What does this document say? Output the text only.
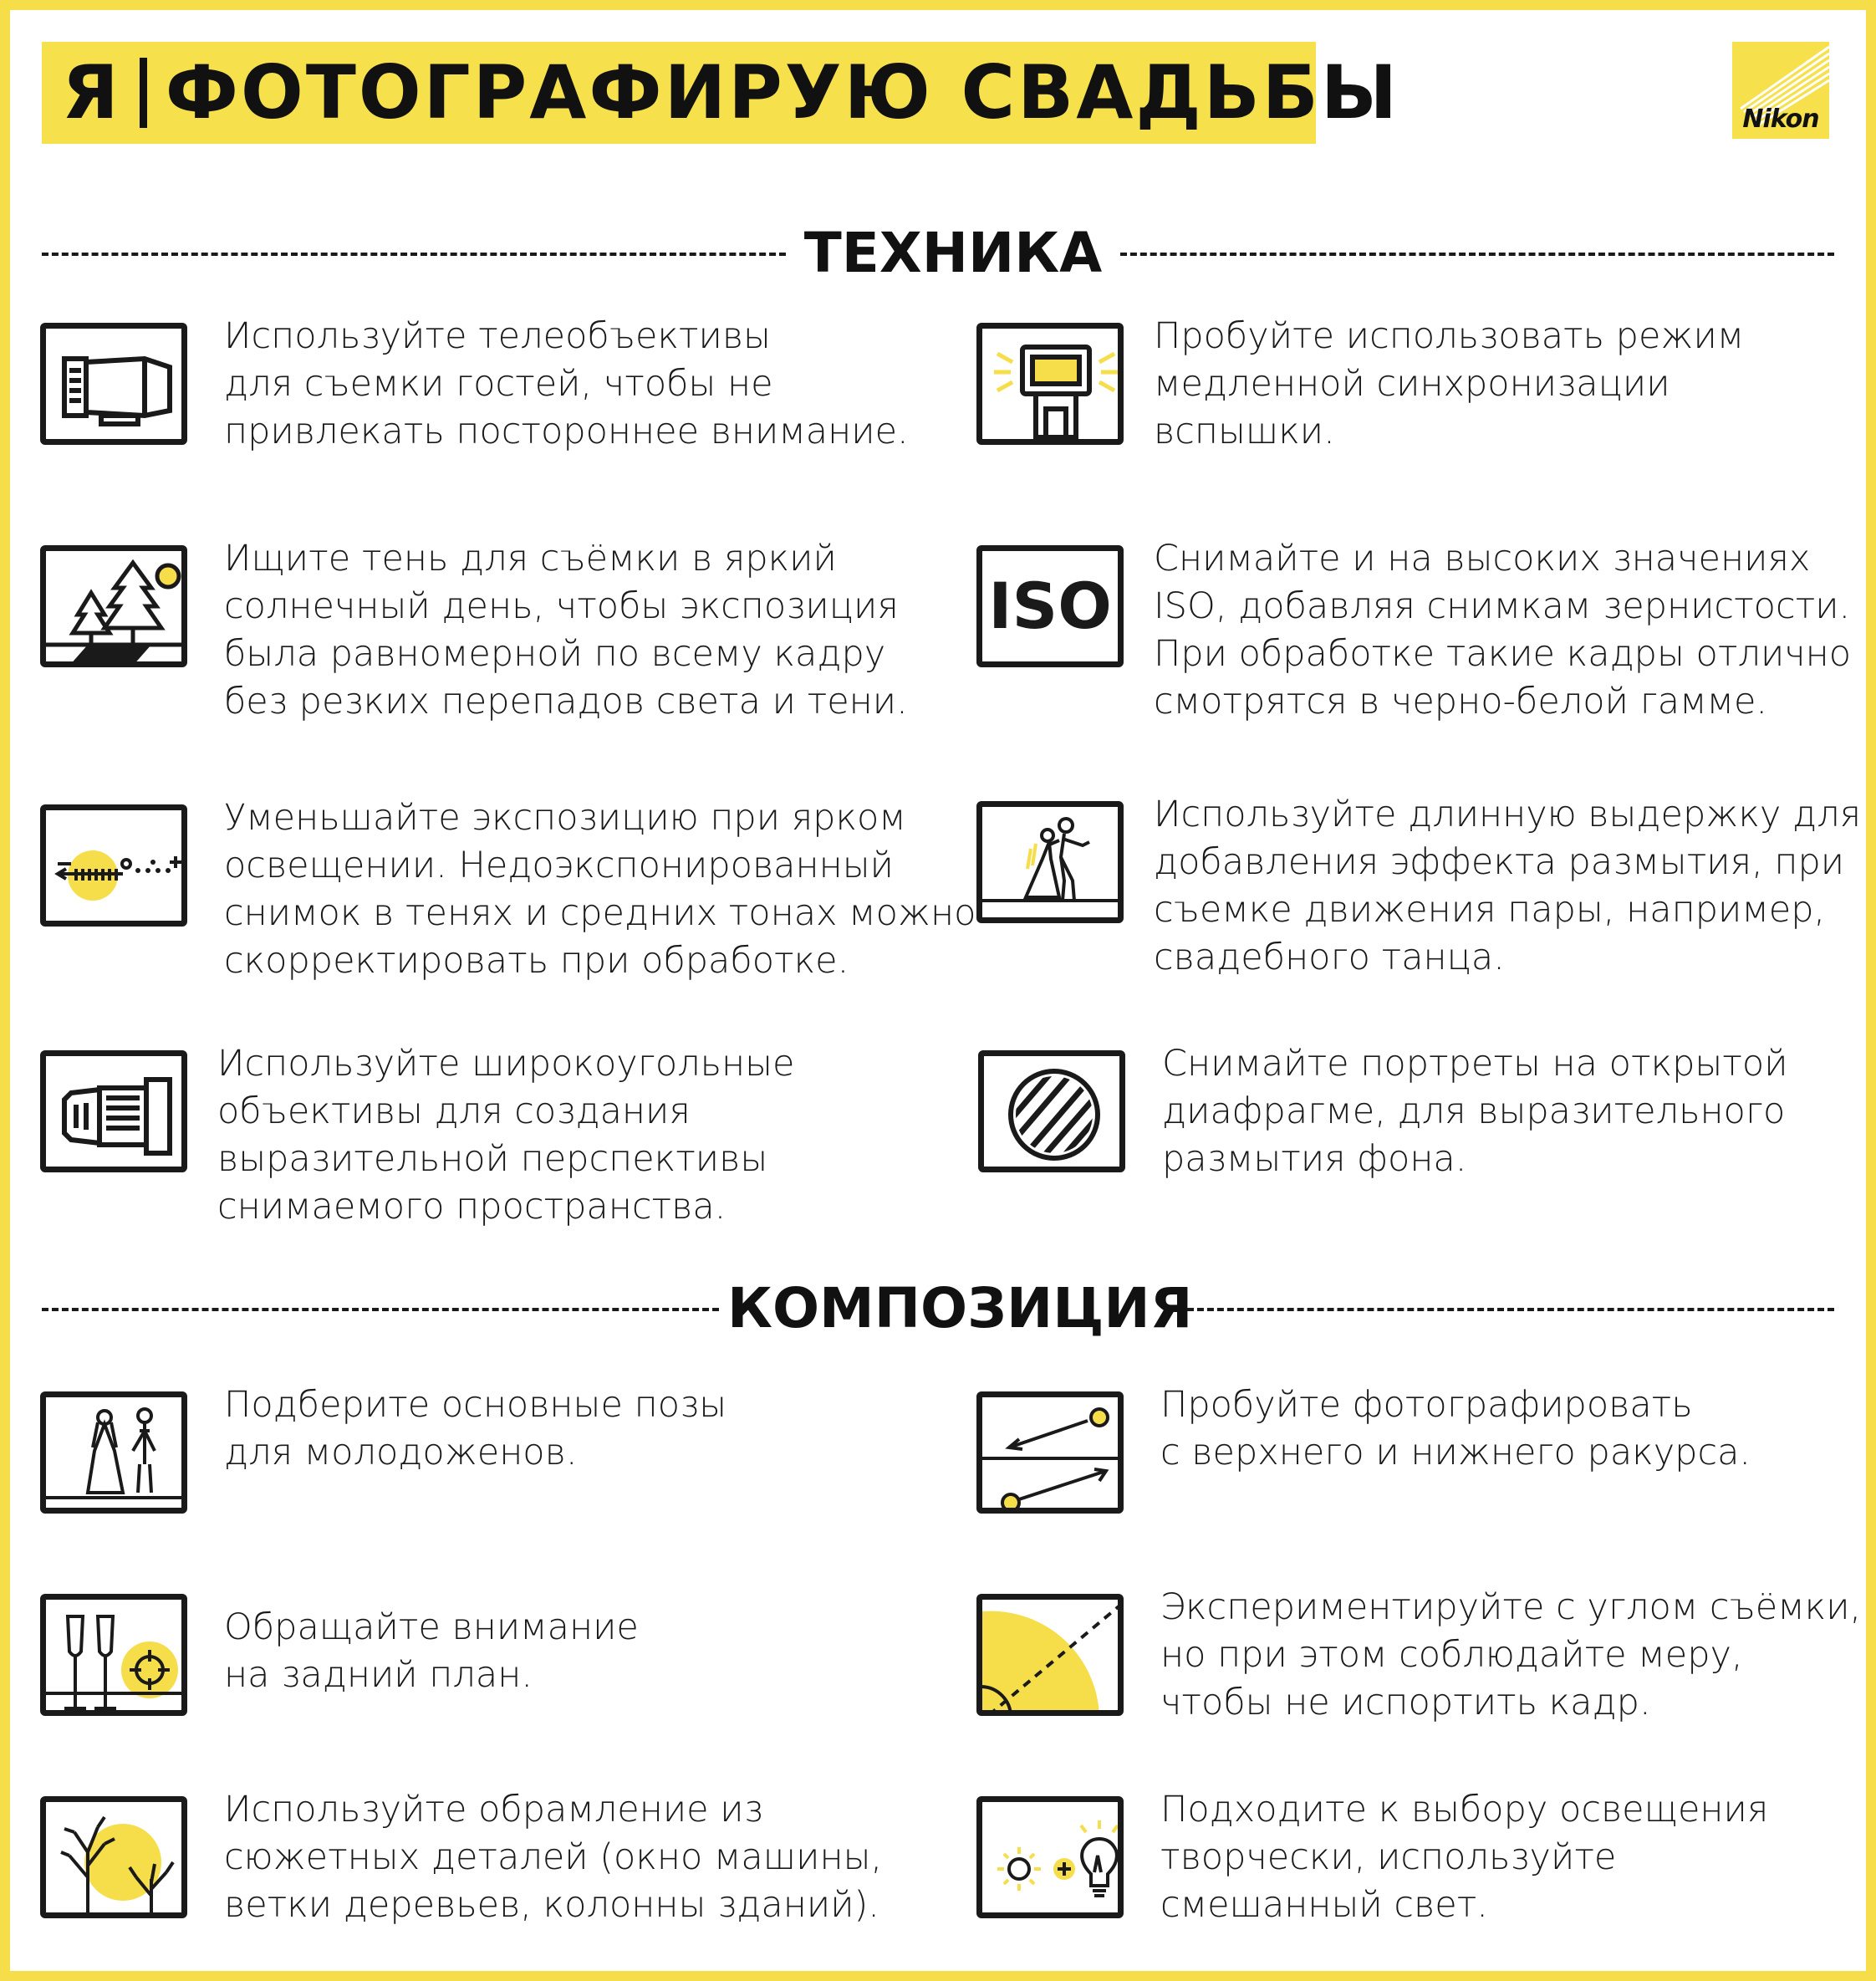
Я ФОТОГРАФИРУЮ СВАДЬБЫ	Nikon
ТЕХНИКА
КОМПОЗИЦИЯ
Используйте телеобъективы
для съемки гостей, чтобы не
привлекать постороннее внимание.
Пробуйте использовать режим
медленной синхронизации
вспышки.
Ищите тень для съёмки в яркий
солнечный день, чтобы экспозиция
была равномерной по всему кадру
без резких перепадов света и тени.
ISO
Снимайте и на высоких значениях
ISO, добавляя снимкам зернистости.
При обработке такие кадры отлично
смотрятся в черно-белой гамме.
Уменьшайте экспозицию при ярком
освещении. Недоэкспонированный
снимок в тенях и средних тонах можно
скорректировать при обработке.
Используйте длинную выдержку для
добавления эффекта размытия, при
съемке движения пары, например,
свадебного танца.
Используйте широкоугольные
объективы для создания
выразительной перспективы
снимаемого пространства.
Снимайте портреты на открытой
диафрагме, для выразительного
размытия фона.
Подберите основные позы
для молодоженов.
Пробуйте фотографировать
с верхнего и нижнего ракурса.
Обращайте внимание
на задний план.
Экспериментируйте с углом съёмки,
но при этом соблюдайте меру,
чтобы не испортить кадр.
Используйте обрамление из
сюжетных деталей (окно машины,
ветки деревьев, колонны зданий).
Подходите к выбору освещения
творчески, используйте
смешанный свет.
